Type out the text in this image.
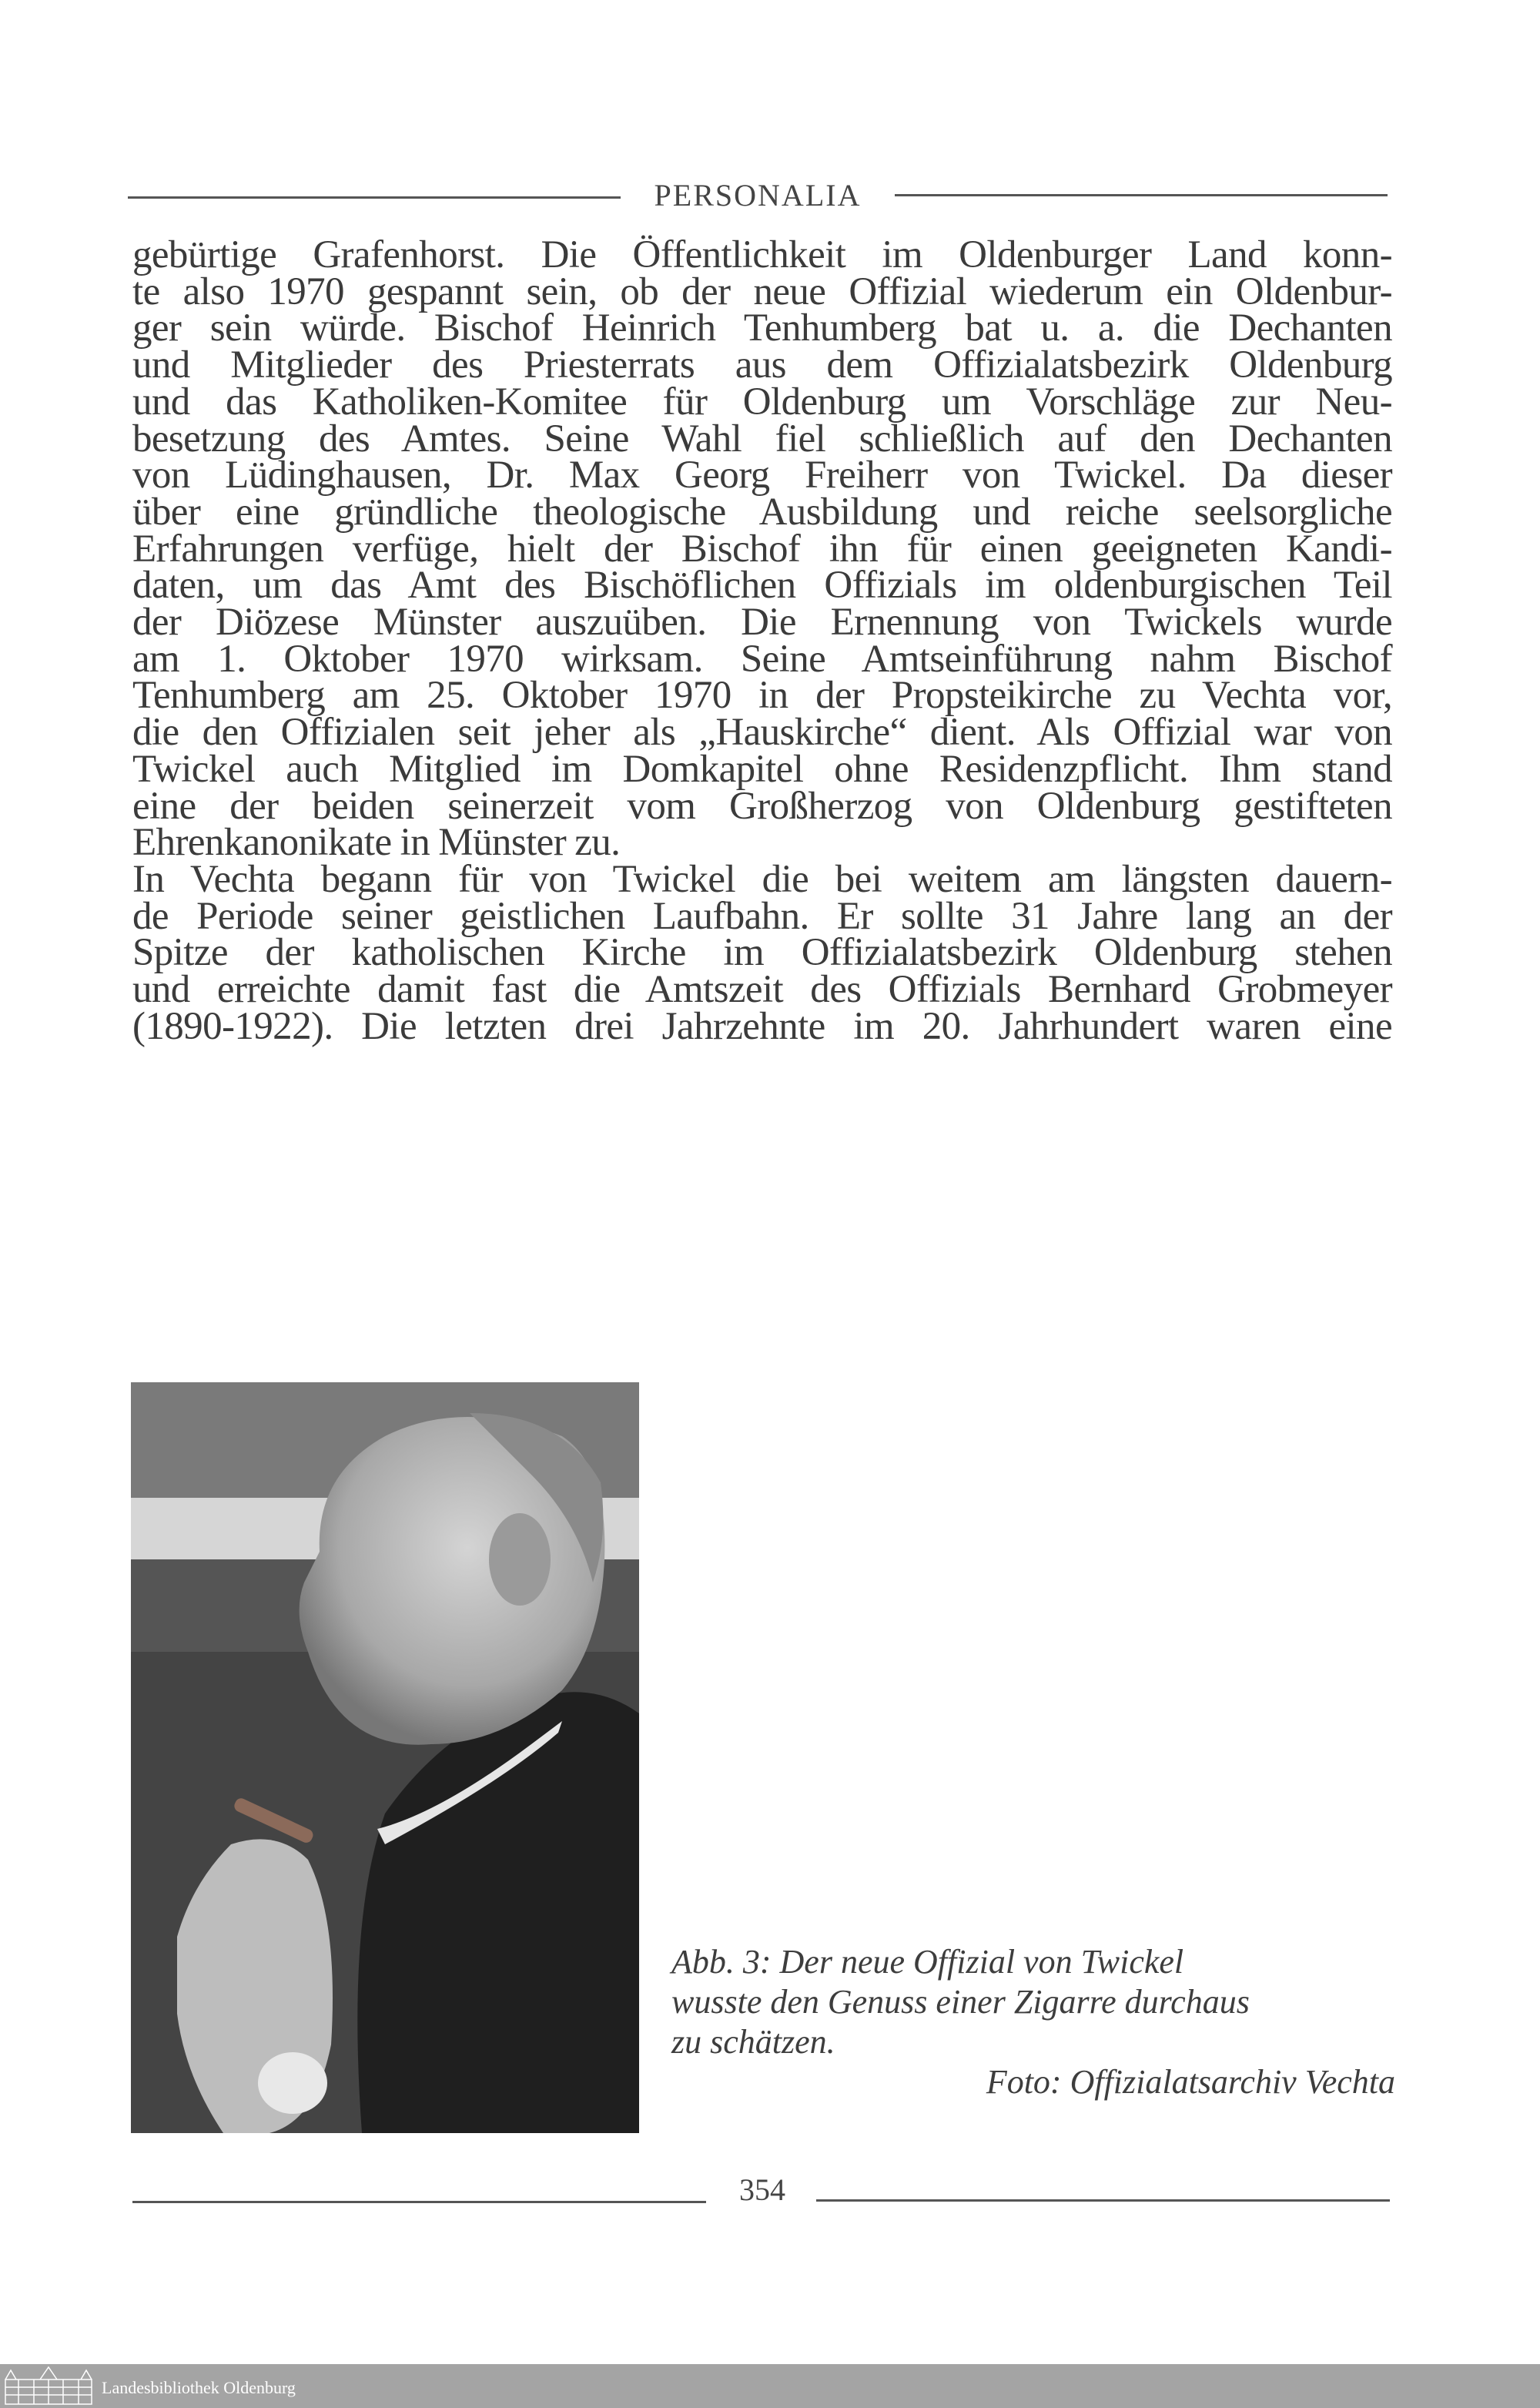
PERSONALIA
gebürtige Grafenhorst. Die Öffentlichkeit im Oldenburger Land konn-
te also 1970 gespannt sein, ob der neue Offizial wiederum ein Oldenbur-
ger sein würde. Bischof Heinrich Tenhumberg bat u. a. die Dechanten
und Mitglieder des Priesterrats aus dem Offizialatsbezirk Oldenburg
und das Katholiken-Komitee für Oldenburg um Vorschläge zur Neu-
besetzung des Amtes. Seine Wahl fiel schließlich auf den Dechanten
von Lüdinghausen, Dr. Max Georg Freiherr von Twickel. Da dieser
über eine gründliche theologische Ausbildung und reiche seelsorgliche
Erfahrungen verfüge, hielt der Bischof ihn für einen geeigneten Kandi-
daten, um das Amt des Bischöflichen Offizials im oldenburgischen Teil
der Diözese Münster auszuüben. Die Ernennung von Twickels wurde
am 1. Oktober 1970 wirksam. Seine Amtseinführung nahm Bischof
Tenhumberg am 25. Oktober 1970 in der Propsteikirche zu Vechta vor,
die den Offizialen seit jeher als „Hauskirche“ dient. Als Offizial war von
Twickel auch Mitglied im Domkapitel ohne Residenzpflicht. Ihm stand
eine der beiden seinerzeit vom Großherzog von Oldenburg gestifteten
Ehrenkanonikate in Münster zu.
In Vechta begann für von Twickel die bei weitem am längsten dauern-
de Periode seiner geistlichen Laufbahn. Er sollte 31 Jahre lang an der
Spitze der katholischen Kirche im Offizialatsbezirk Oldenburg stehen
und erreichte damit fast die Amtszeit des Offizials Bernhard Grobmeyer
(1890-1922). Die letzten drei Jahrzehnte im 20. Jahrhundert waren eine
Abb. 3: Der neue Offizial von Twickel
wusste den Genuss einer Zigarre durchaus
zu schätzen.
Foto: Offizialatsarchiv Vechta
354
Landesbibliothek Oldenburg
